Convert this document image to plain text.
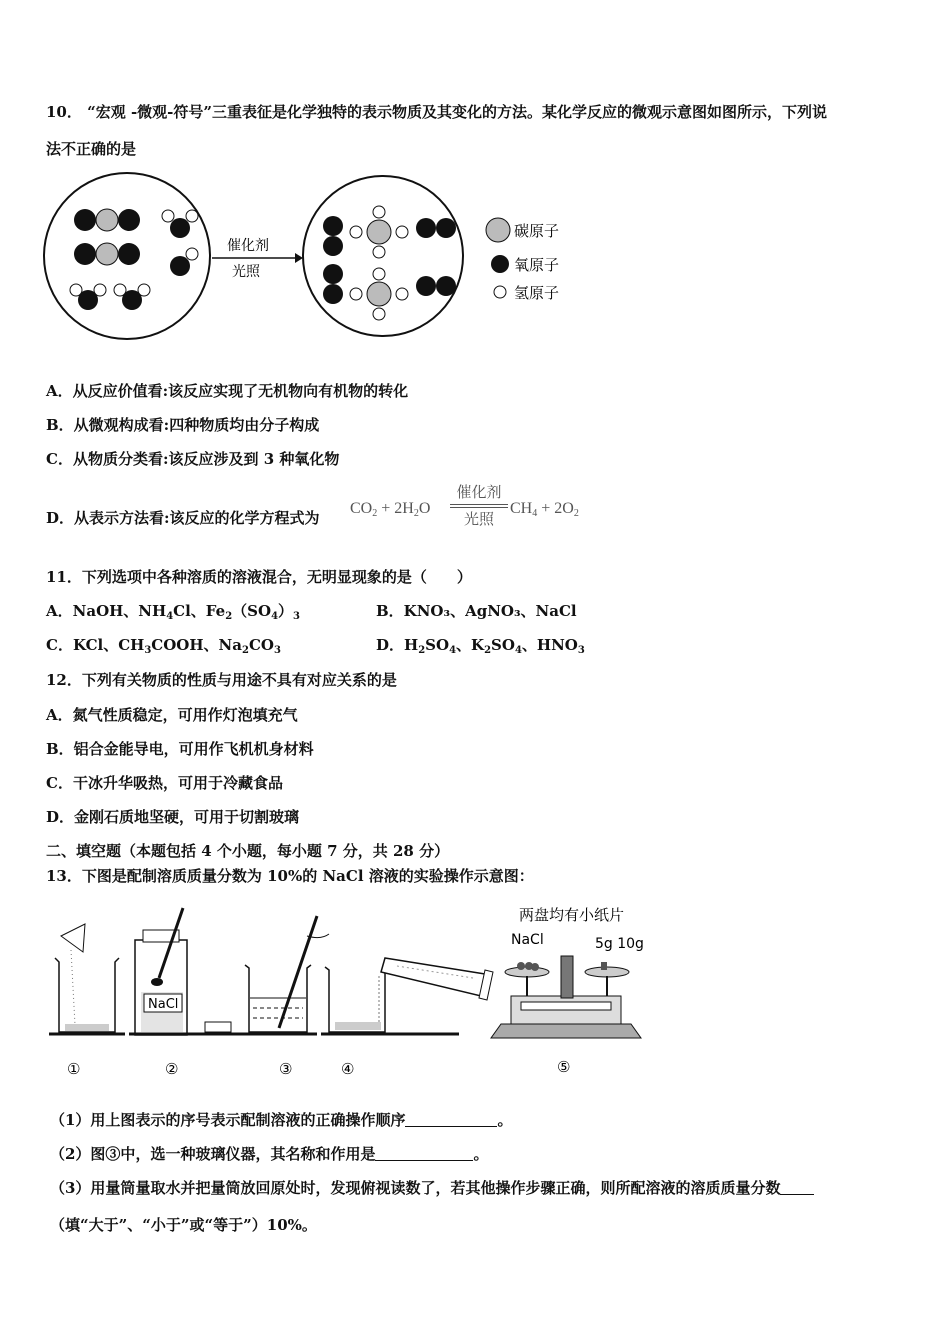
10． “宏观 -微观-符号”三重表征是化学独特的表示物质及其变化的方法。某化学反应的微观示意图如图所示，下列说
法不正确的是
催化剂
光照
碳原子
氧原子
氢原子
A．从反应价值看:该反应实现了无机物向有机物的转化
B．从微观构成看:四种物质均由分子构成
C．从物质分类看:该反应涉及到 3 种氧化物
D．从表示方法看:该反应的化学方程式为
$CO_2 + 2H_2O$
催化剂
光照
$CH_4 + 2O_2$
11．下列选项中各种溶质的溶液混合，无明显现象的是（　　）
A．NaOH、$NH_4Cl$、$Fe_2(SO_4)_3$	B．KNO₃、AgNO₃、NaCl
C．KCl、$CH_3COOH$、$Na_2CO_3$	D．$H_2SO_4$、$K_2SO_4$、$HNO_3$
12．下列有关物质的性质与用途不具有对应关系的是
A．氮气性质稳定，可用作灯泡填充气
B．铝合金能导电，可用作飞机机身材料
C．干冰升华吸热，可用于冷藏食品
D．金刚石质地坚硬，可用于切割玻璃
二、填空题（本题包括 4 个小题，每小题 7 分，共 28 分）
13．下图是配制溶质质量分数为 10%的 NaCl 溶液的实验操作示意图：
NaCl
两盘均有小纸片
NaCl	5g 10g
①	②	③	④	⑤
（1）用上图表示的序号表示配制溶液的正确操作顺序	。
（2）图③中，选一种玻璃仪器，其名称和作用是	。
（3）用量筒量取水并把量筒放回原处时，发现俯视读数了，若其他操作步骤正确，则所配溶液的溶质质量分数
（填“大于”、“小于”或“等于”）10%。
